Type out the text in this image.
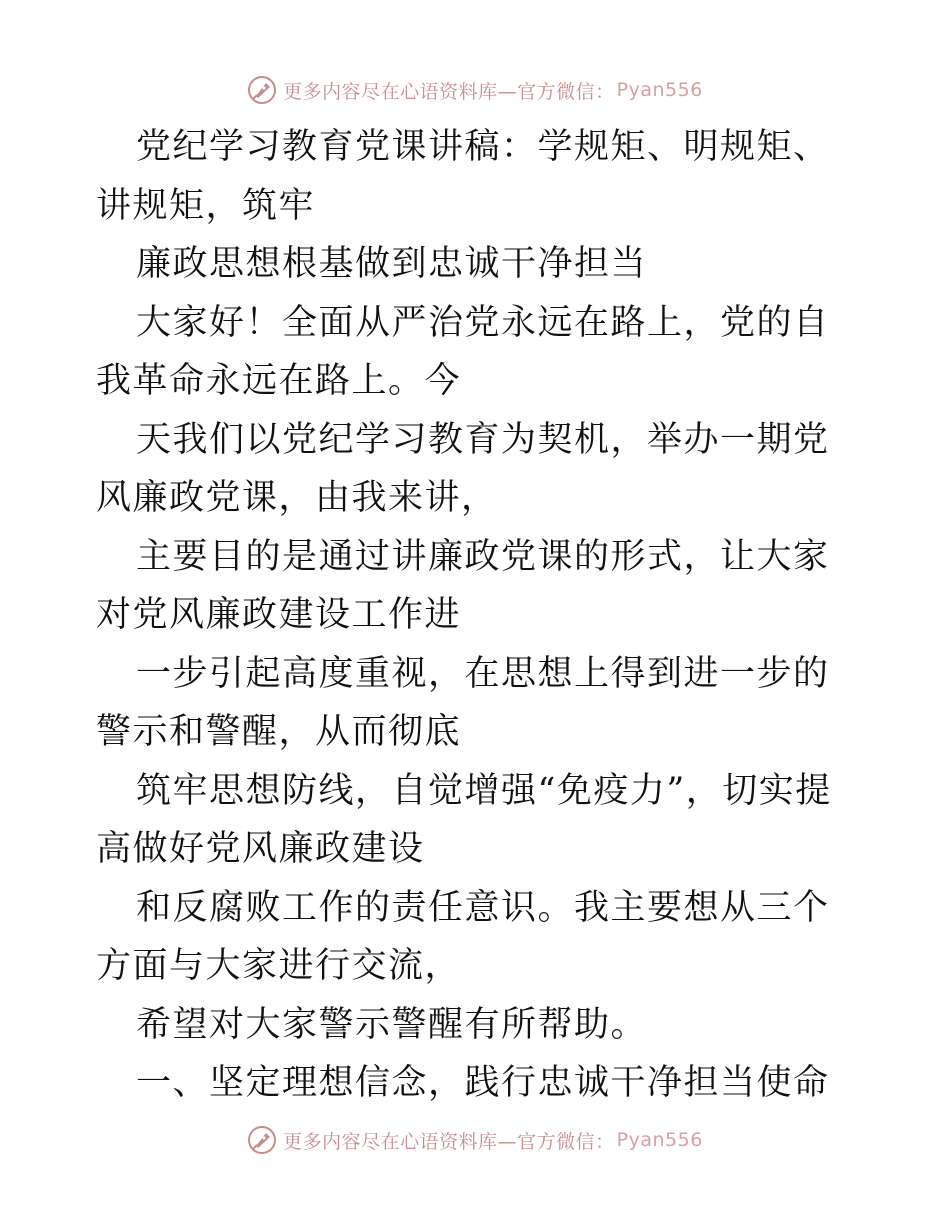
更多内容尽在心语资料库—官方微信： Pyan556

党纪学习教育党课讲稿：学规矩、明规矩、讲规矩，筑牢

廉政思想根基做到忠诚干净担当

大家好！全面从严治党永远在路上，党的自我革命永远在路上。今

天我们以党纪学习教育为契机，举办一期党风廉政党课，由我来讲，

主要目的是通过讲廉政党课的形式，让大家对党风廉政建设工作进

一步引起高度重视，在思想上得到进一步的警示和警醒，从而彻底

筑牢思想防线，自觉增强“免疫力”，切实提高做好党风廉政建设

和反腐败工作的责任意识。我主要想从三个方面与大家进行交流，

希望对大家警示警醒有所帮助。

一、坚定理想信念，践行忠诚干净担当使命

更多内容尽在心语资料库—官方微信： Pyan556
